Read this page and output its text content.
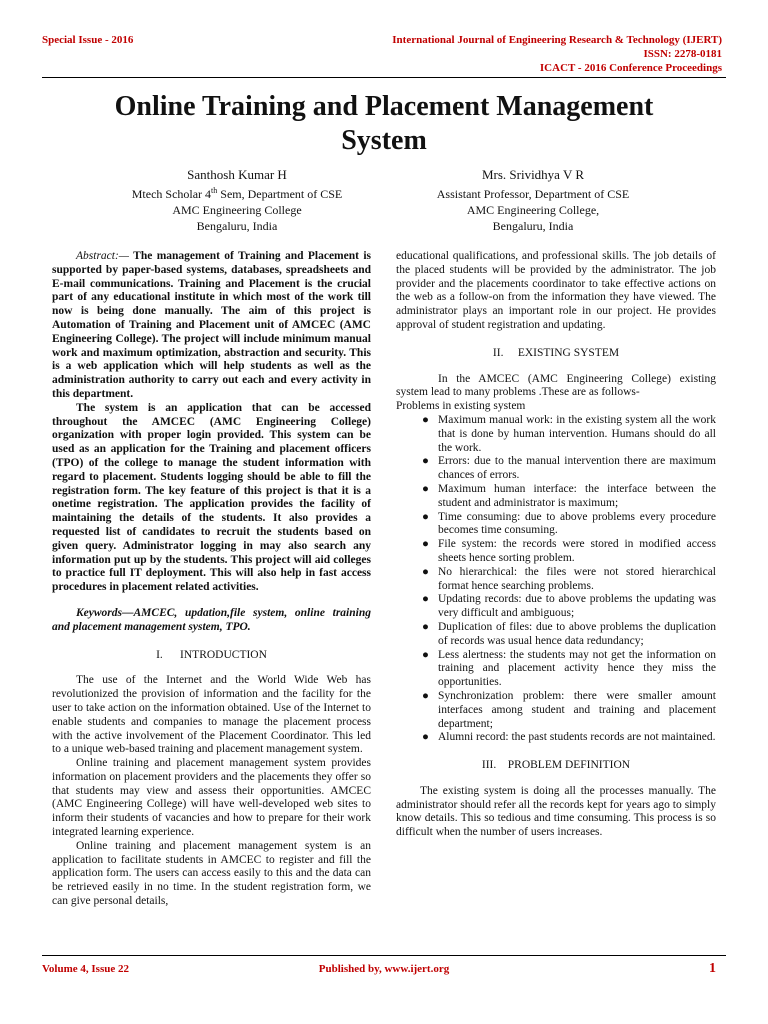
Special Issue - 2016	International Journal of Engineering Research & Technology (IJERT)
ISSN: 2278-0181
ICACT - 2016 Conference Proceedings
Online Training and Placement Management
System
Santhosh Kumar H
Mtech Scholar 4th Sem, Department of CSE
AMC Engineering College
Bengaluru, India
Mrs. Srividhya V R
Assistant Professor, Department of CSE
AMC Engineering College,
Bengaluru, India

Abstract:— The management of Training and Placement is supported by paper-based systems, databases, spreadsheets and E-mail communications. Training and Placement is the crucial part of any educational institute in which most of the work till now is being done manually. The aim of this project is Automation of Training and Placement unit of AMCEC (AMC Engineering College). The project will include minimum manual work and maximum optimization, abstraction and security. This is a web application which will help students as well as the administration authority to carry out each and every activity in this department.

The system is an application that can be accessed throughout the AMCEC (AMC Engineering College) organization with proper login provided. This system can be used as an application for the Training and placement officers (TPO) of the college to manage the student information with regard to placement. Students logging should be able to fill the registration form. The key feature of this project is that it is a onetime registration. The application provides the facility of maintaining the details of the students. It also provides a requested list of candidates to recruit the students based on given query. Administrator logging in may also search any information put up by the students. This project will aid colleges to practice full IT deployment. This will also help in fast access procedures in placement related activities.

Keywords—AMCEC, updation,file system, online training and placement management system, TPO.

I.      INTRODUCTION

The use of the Internet and the World Wide Web has revolutionized the provision of information and the facility for the user to take action on the information obtained. Use of the Internet to enable students and companies to manage the placement process with the active involvement of the Placement Coordinator. This led to a unique web-based training and placement management system.

Online training and placement management system provides information on placement providers and the placements they offer so that students may view and assess their opportunities. AMCEC (AMC Engineering College) will have well-developed web sites to inform their students of vacancies and how to prepare for their work integrated learning experience.

Online training and placement management system is an application to facilitate students in AMCEC to register and fill the application form. The users can access easily to this and the data can be retrieved easily in no time. In the student registration form, we can give personal details,

educational qualifications, and professional skills. The job details of the placed students will be provided by the administrator. The job provider and the placements coordinator to take effective actions on the web as a follow-on from the information they have viewed. The administrator plays an important role in our project. He provides approval of student registration and updating.

II.     EXISTING SYSTEM

In the AMCEC (AMC Engineering College) existing system lead to many problems .These are as follows-

Problems in existing system

● Maximum manual work: in the existing system all the work that is done by human intervention. Humans should do all the work.
● Errors: due to the manual intervention there are maximum chances of errors.
● Maximum human interface: the interface between the student and administrator is maximum;
● Time consuming: due to above problems every procedure becomes time consuming.
● File system: the records were stored in modified access sheets hence sorting problem.
● No hierarchical: the files were not stored hierarchical format hence searching problems.
● Updating records: due to above problems the updating was very difficult and ambiguous;
● Duplication of files: due to above problems the duplication of records was usual hence data redundancy;
● Less alertness: the students may not get the information on training and placement activity hence they miss the opportunities.
● Synchronization problem: there were smaller amount interfaces among student and training and placement department;
● Alumni record: the past students records are not maintained.
III.    PROBLEM DEFINITION

The existing system is doing all the processes manually. The administrator should refer all the records kept for years ago to simply know details. This so tedious and time consuming. This process is so difficult when the number of users increases.

Volume 4, Issue 22	Published by, www.ijert.org	1
